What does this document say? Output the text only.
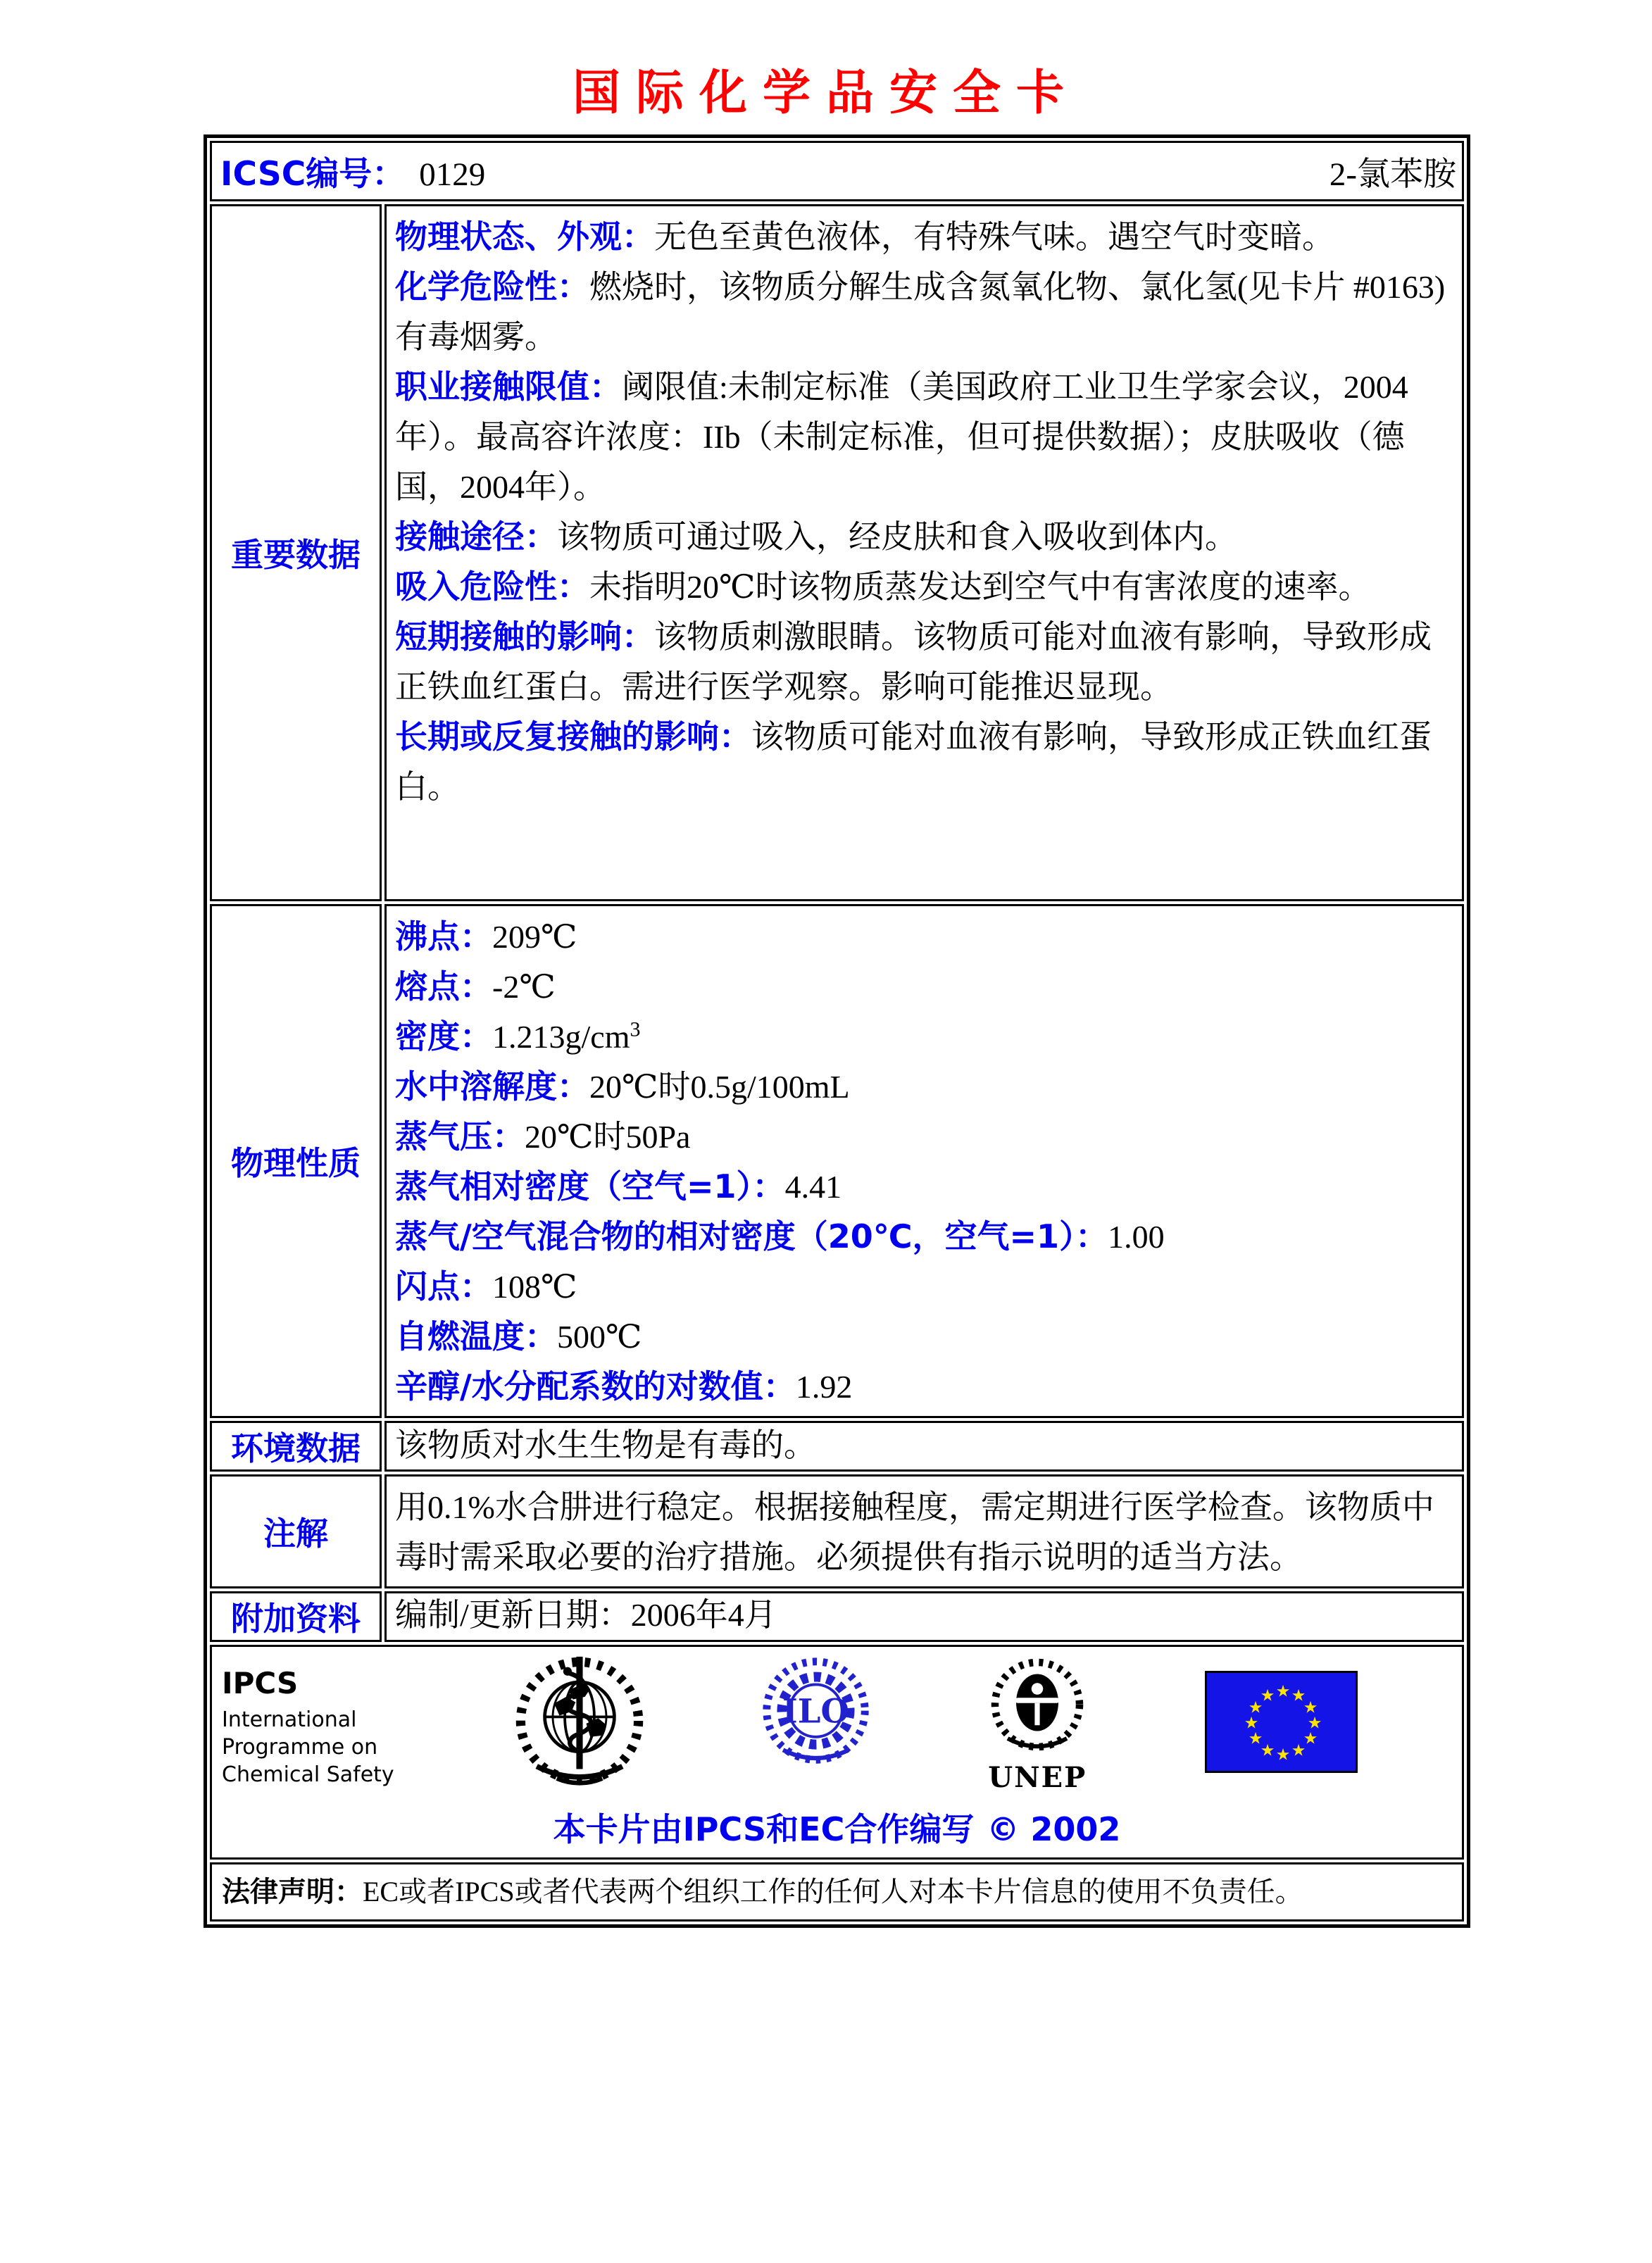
国际化学品安全卡
ICSC编号： 0129	2-氯苯胺
重要数据

物理状态、外观：无色至黄色液体，有特殊气味。遇空气时变暗。

化学危险性：燃烧时，该物质分解生成含氮氧化物、氯化氢(见卡片 #0163)有毒烟雾。

职业接触限值：阈限值:未制定标准（美国政府工业卫生学家会议，2004年）。最高容许浓度：IIb（未制定标准，但可提供数据）；皮肤吸收（德国，2004年）。

接触途径：该物质可通过吸入，经皮肤和食入吸收到体内。

吸入危险性：未指明20℃时该物质蒸发达到空气中有害浓度的速率。

短期接触的影响：该物质刺激眼睛。该物质可能对血液有影响，导致形成正铁血红蛋白。需进行医学观察。影响可能推迟显现。

长期或反复接触的影响：该物质可能对血液有影响，导致形成正铁血红蛋白。

物理性质

沸点：209℃

熔点：-2℃

密度：$1.213g/cm^3$

水中溶解度：20℃时0.5g/100mL

蒸气压：20℃时50Pa

蒸气相对密度（空气=1）：4.41

蒸气/空气混合物的相对密度（20℃，空气=1）：1.00

闪点：108℃

自燃温度：500℃

辛醇/水分配系数的对数值：1.92

环境数据 该物质对水生生物是有毒的。

注解

用0.1%水合肼进行稳定。根据接触程度，需定期进行医学检查。该物质中毒时需采取必要的治疗措施。必须提供有指示说明的适当方法。

附加资料 编制/更新日期：2006年4月

IPCS
International
Programme on
Chemical Safety
ILO
UNEP
★ ★
★
★
★
★
★
★
★
★
★
★
本卡片由IPCS和EC合作编写 © 2002

法律声明：EC或者IPCS或者代表两个组织工作的任何人对本卡片信息的使用不负责任。
